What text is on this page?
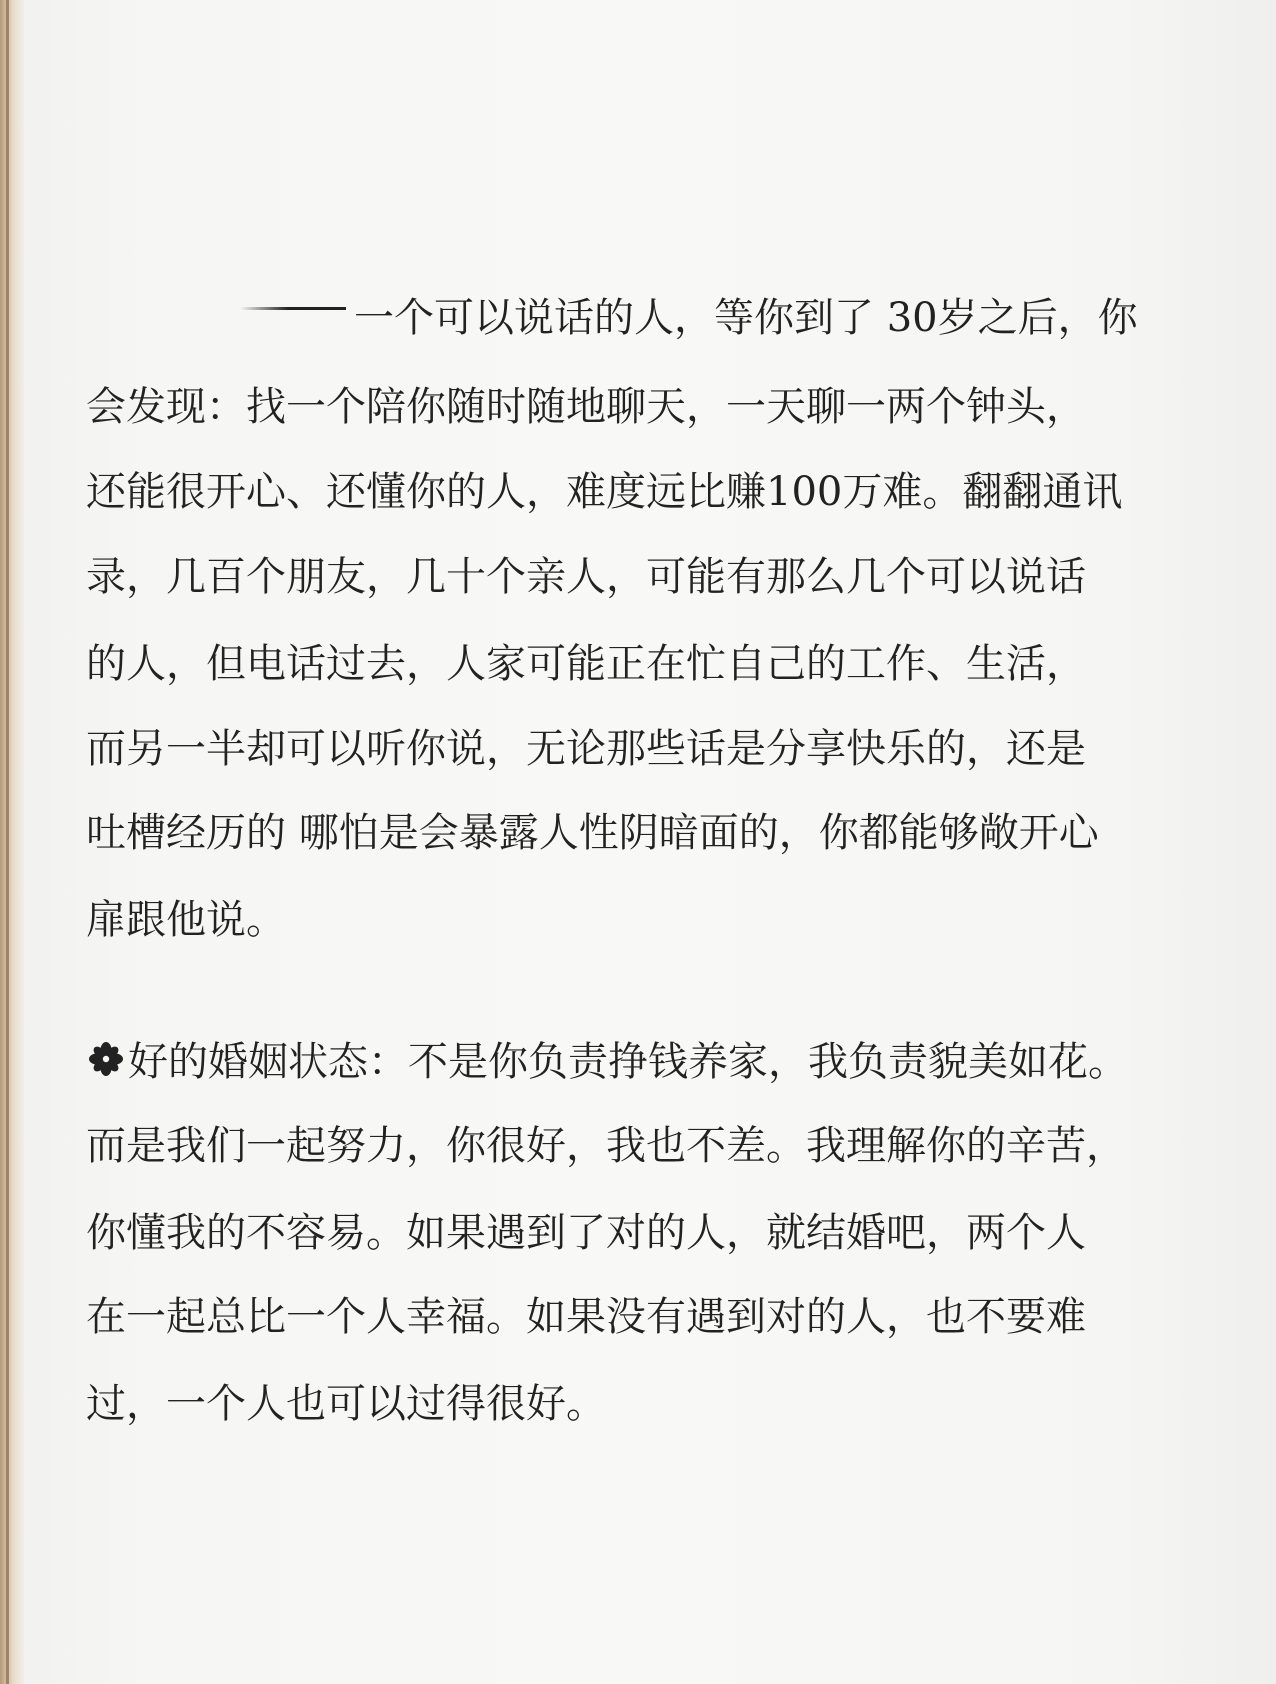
一个可以说话的人，等你到了 30岁之后，你
会发现：找一个陪你随时随地聊天，一天聊一两个钟头，
还能很开心、还懂你的人，难度远比赚100万难。翻翻通讯
录，几百个朋友，几十个亲人，可能有那么几个可以说话
的人，但电话过去，人家可能正在忙自己的工作、生活，
而另一半却可以听你说，无论那些话是分享快乐的，还是
吐槽经历的 哪怕是会暴露人性阴暗面的，你都能够敞开心
扉跟他说。
好的婚姻状态：不是你负责挣钱养家，我负责貌美如花。
而是我们一起努力，你很好，我也不差。我理解你的辛苦，
你懂我的不容易。如果遇到了对的人，就结婚吧，两个人
在一起总比一个人幸福。如果没有遇到对的人，也不要难
过，一个人也可以过得很好。
